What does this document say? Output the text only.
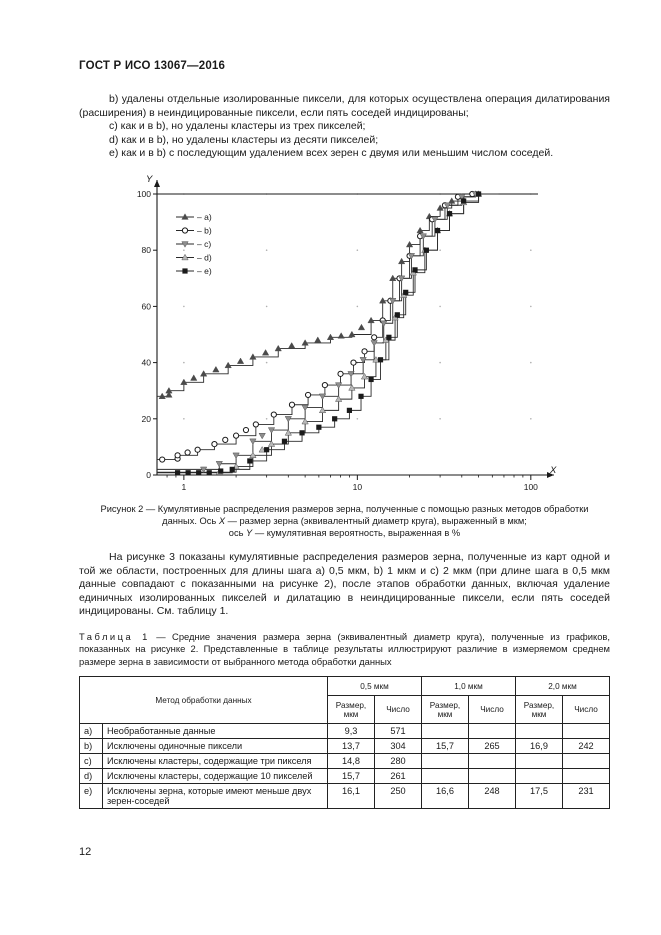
ГОСТ Р ИСО 13067—2016
b) удалены отдельные изолированные пиксели, для которых осуществлена операция дилатирования (расширения) в неиндицированные пиксели, если пять соседей индицированы;
c) как и в b), но удалены кластеры из трех пикселей;
d) как и в b), но удалены кластеры из десяти пикселей;
e) как и в b) с последующим удалением всех зерен с двумя или меньшим числом соседей.
0
20
40
60
80
100
1	10	100
– a)
– b)
– c)
– d)
– e)
X
Y
Рисунок 2 — Кумулятивные распределения размеров зерна, полученные с помощью разных методов обработки
данных. Ось X — размер зерна (эквивалентный диаметр круга), выраженный в мкм;
ось Y — кумулятивная вероятность, выраженная в %
На рисунке 3 показаны кумулятивные распределения размеров зерна, полученные из карт одной и той же области, построенных для длины шага а) 0,5 мкм, b) 1 мкм и c) 2 мкм (при длине шага в 0,5 мкм данные совпадают с показанными на рисунке 2), после этапов обработки данных, включая удаление единичных изолированных пикселей и дилатацию в неиндицированные пиксели, если пять соседей индицированы. См. таблицу 1.
Таблица 1 — Средние значения размера зерна (эквивалентный диаметр круга), полученные из графиков, показанных на рисунке 2. Представленные в таблице результаты иллюстрируют различие в измеряемом среднем размере зерна в зависимости от выбранного метода обработки данных
Метод обработки данных		0,5 мкм		1,0 мкм		2,0 мкм	
		Размер, мкм	Число	Размер, мкм	Число	Размер, мкм	Число
a)	Необработанные данные	9,3	571				
b)	Исключены одиночные пиксели	13,7	304	15,7	265	16,9	242
c)	Исключены кластеры, содержащие три пикселя	14,8	280				
d)	Исключены кластеры, содержащие 10 пикселей	15,7	261				
e)	Исключены зерна, которые имеют меньше двух зерен-соседей	16,1	250	16,6	248	17,5	231
12
